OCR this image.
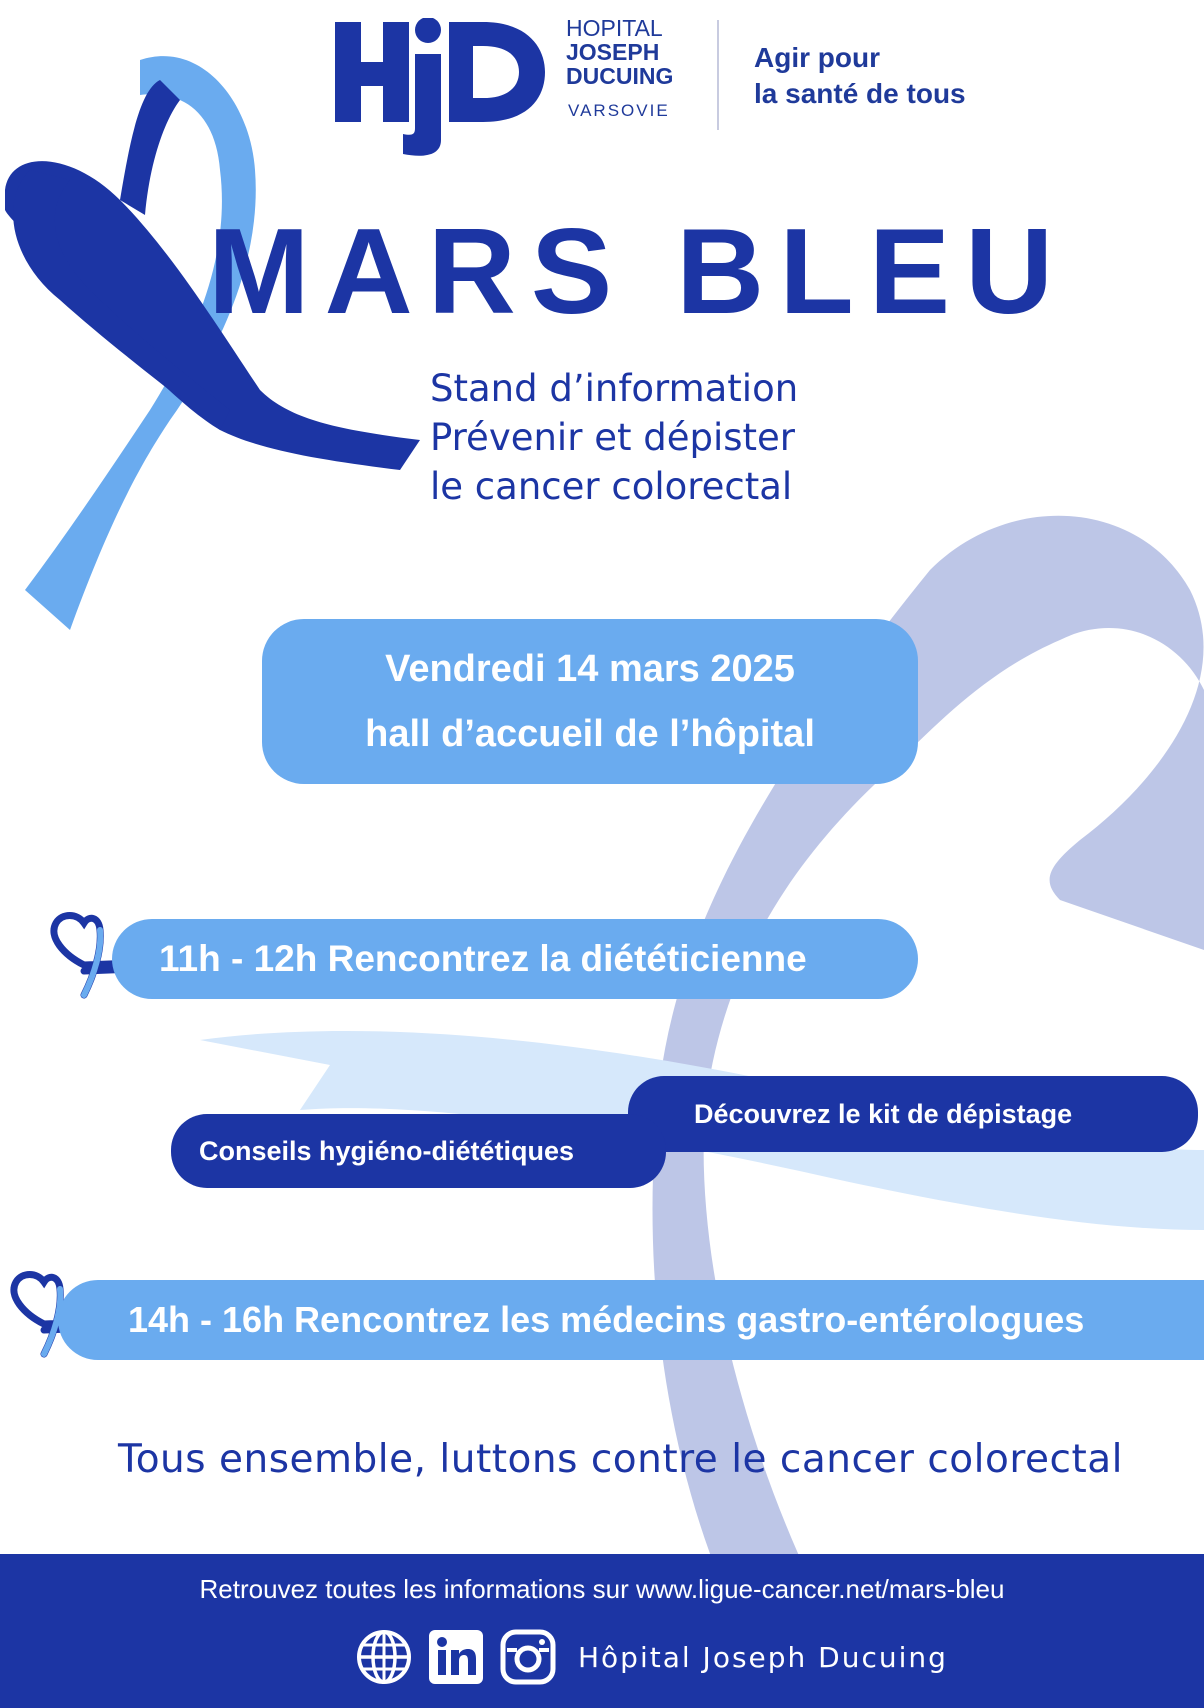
HOPITAL
JOSEPH
DUCUING
VARSOVIE
Agir pour
la santé de tous
MARS BLEU
Stand d’information
Prévenir et dépister
le cancer colorectal
Vendredi 14 mars 2025
hall d’accueil de l’hôpital
11h - 12h Rencontrez la diététicienne
Découvrez le kit de dépistage
Conseils hygiéno-diététiques
14h - 16h Rencontrez les médecins gastro-entérologues
Tous ensemble, luttons contre le cancer colorectal
Retrouvez toutes les informations sur www.ligue-cancer.net/mars-bleu
Hôpital Joseph Ducuing
